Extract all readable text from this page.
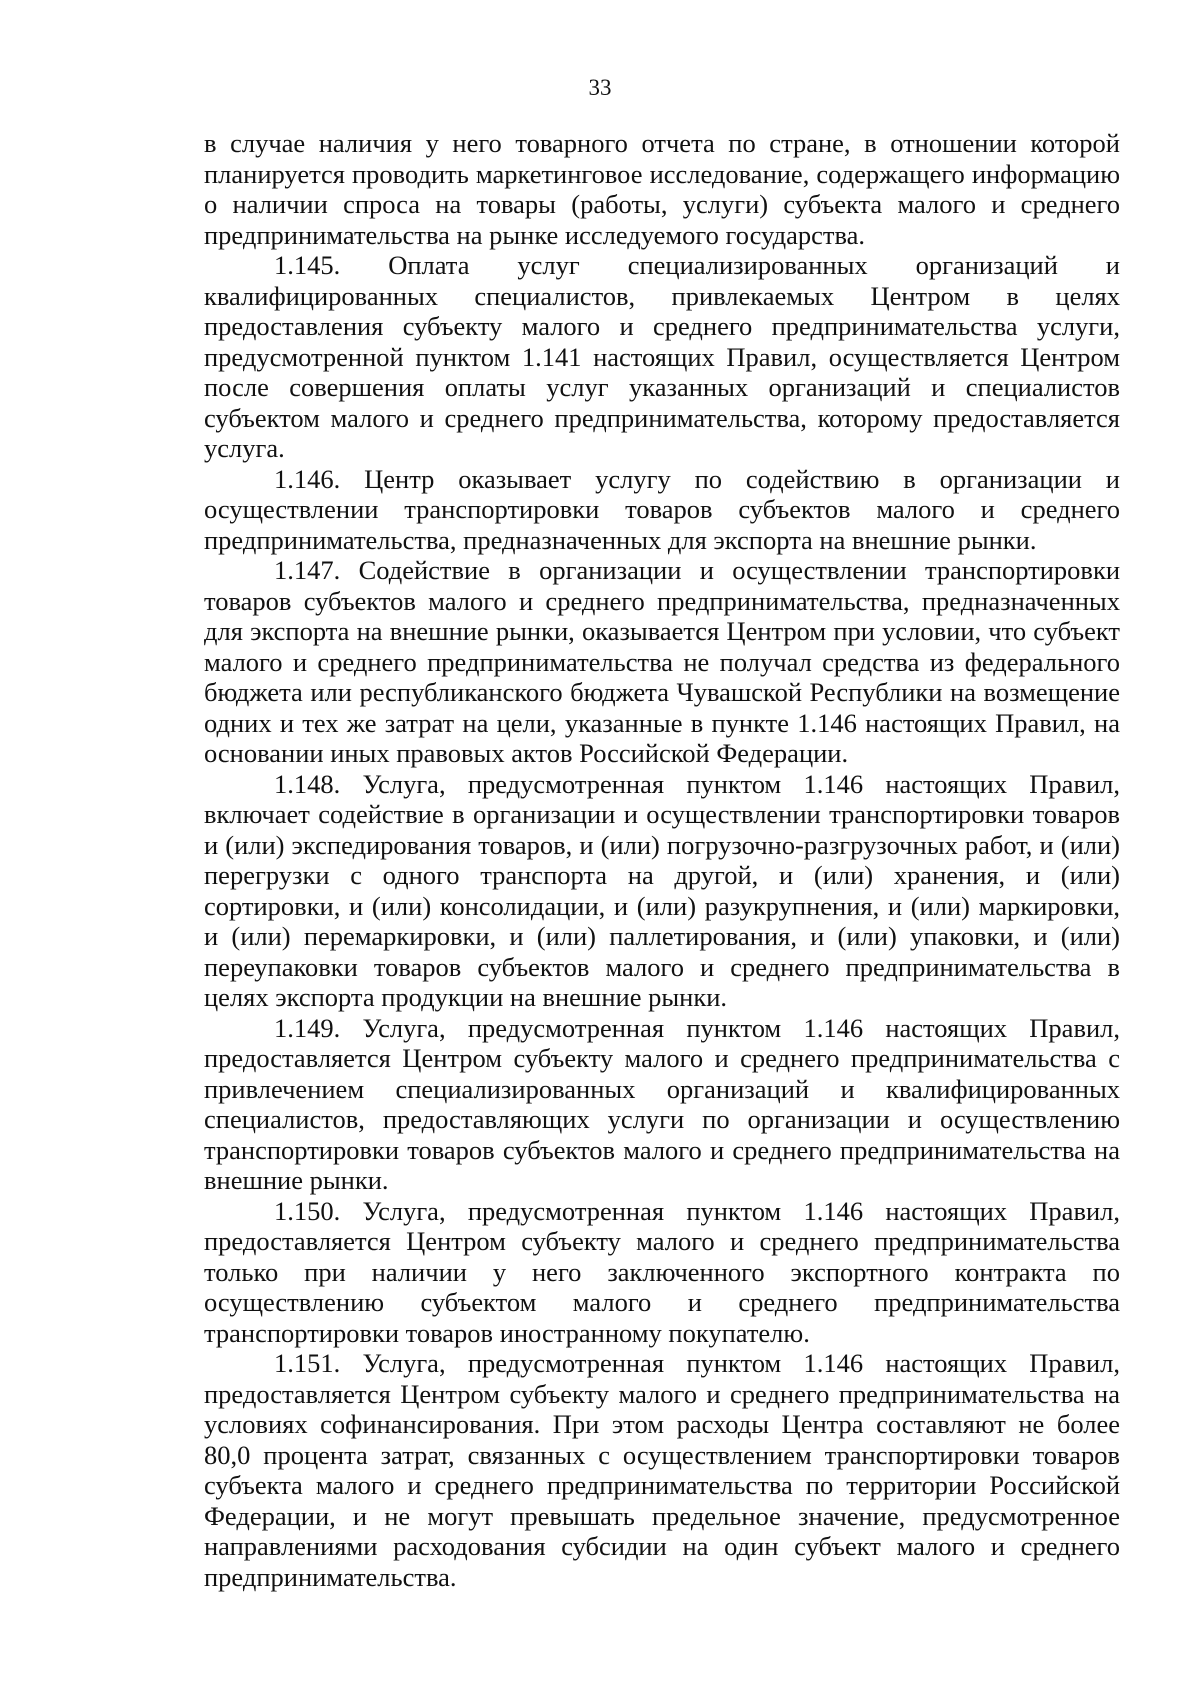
33

в случае наличия у него товарного отчета по стране, в отношении которой планируется проводить маркетинговое исследование, содержащего информацию о наличии спроса на товары (работы, услуги) субъекта малого и среднего предпринимательства на рынке исследуемого государства.

1.145. Оплата услуг специализированных организаций и квалифицированных специалистов, привлекаемых Центром в целях предоставления субъекту малого и среднего предпринимательства услуги, предусмотренной пунктом 1.141 настоящих Правил, осуществляется Центром после совершения оплаты услуг указанных организаций и специалистов субъектом малого и среднего предпринимательства, которому предоставляется услуга.

1.146. Центр оказывает услугу по содействию в организации и осуществлении транспортировки товаров субъектов малого и среднего предпринимательства, предназначенных для экспорта на внешние рынки.

1.147. Содействие в организации и осуществлении транспортировки товаров субъектов малого и среднего предпринимательства, предназначенных для экспорта на внешние рынки, оказывается Центром при условии, что субъект малого и среднего предпринимательства не получал средства из федерального бюджета или республиканского бюджета Чувашской Республики на возмещение одних и тех же затрат на цели, указанные в пункте 1.146 настоящих Правил, на основании иных правовых актов Российской Федерации.

1.148. Услуга, предусмотренная пунктом 1.146 настоящих Правил, включает содействие в организации и осуществлении транспортировки товаров и (или) экспедирования товаров, и (или) погрузочно-разгрузочных работ, и (или) перегрузки с одного транспорта на другой, и (или) хранения, и (или) сортировки, и (или) консолидации, и (или) разукрупнения, и (или) маркировки, и (или) перемаркировки, и (или) паллетирования, и (или) упаковки, и (или) переупаковки товаров субъектов малого и среднего предпринимательства в целях экспорта продукции на внешние рынки.

1.149. Услуга, предусмотренная пунктом 1.146 настоящих Правил, предоставляется Центром субъекту малого и среднего предпринимательства с привлечением специализированных организаций и квалифицированных специалистов, предоставляющих услуги по организации и осуществлению транспортировки товаров субъектов малого и среднего предпринимательства на внешние рынки.

1.150. Услуга, предусмотренная пунктом 1.146 настоящих Правил, предоставляется Центром субъекту малого и среднего предпринимательства только при наличии у него заключенного экспортного контракта по осуществлению субъектом малого и среднего предпринимательства транспортировки товаров иностранному покупателю.

1.151. Услуга, предусмотренная пунктом 1.146 настоящих Правил, предоставляется Центром субъекту малого и среднего предпринимательства на условиях софинансирования. При этом расходы Центра составляют не более 80,0 процента затрат, связанных с осуществлением транспортировки товаров субъекта малого и среднего предпринимательства по территории Российской Федерации, и не могут превышать предельное значение, предусмотренное направлениями расходования субсидии на один субъект малого и среднего предпринимательства.
